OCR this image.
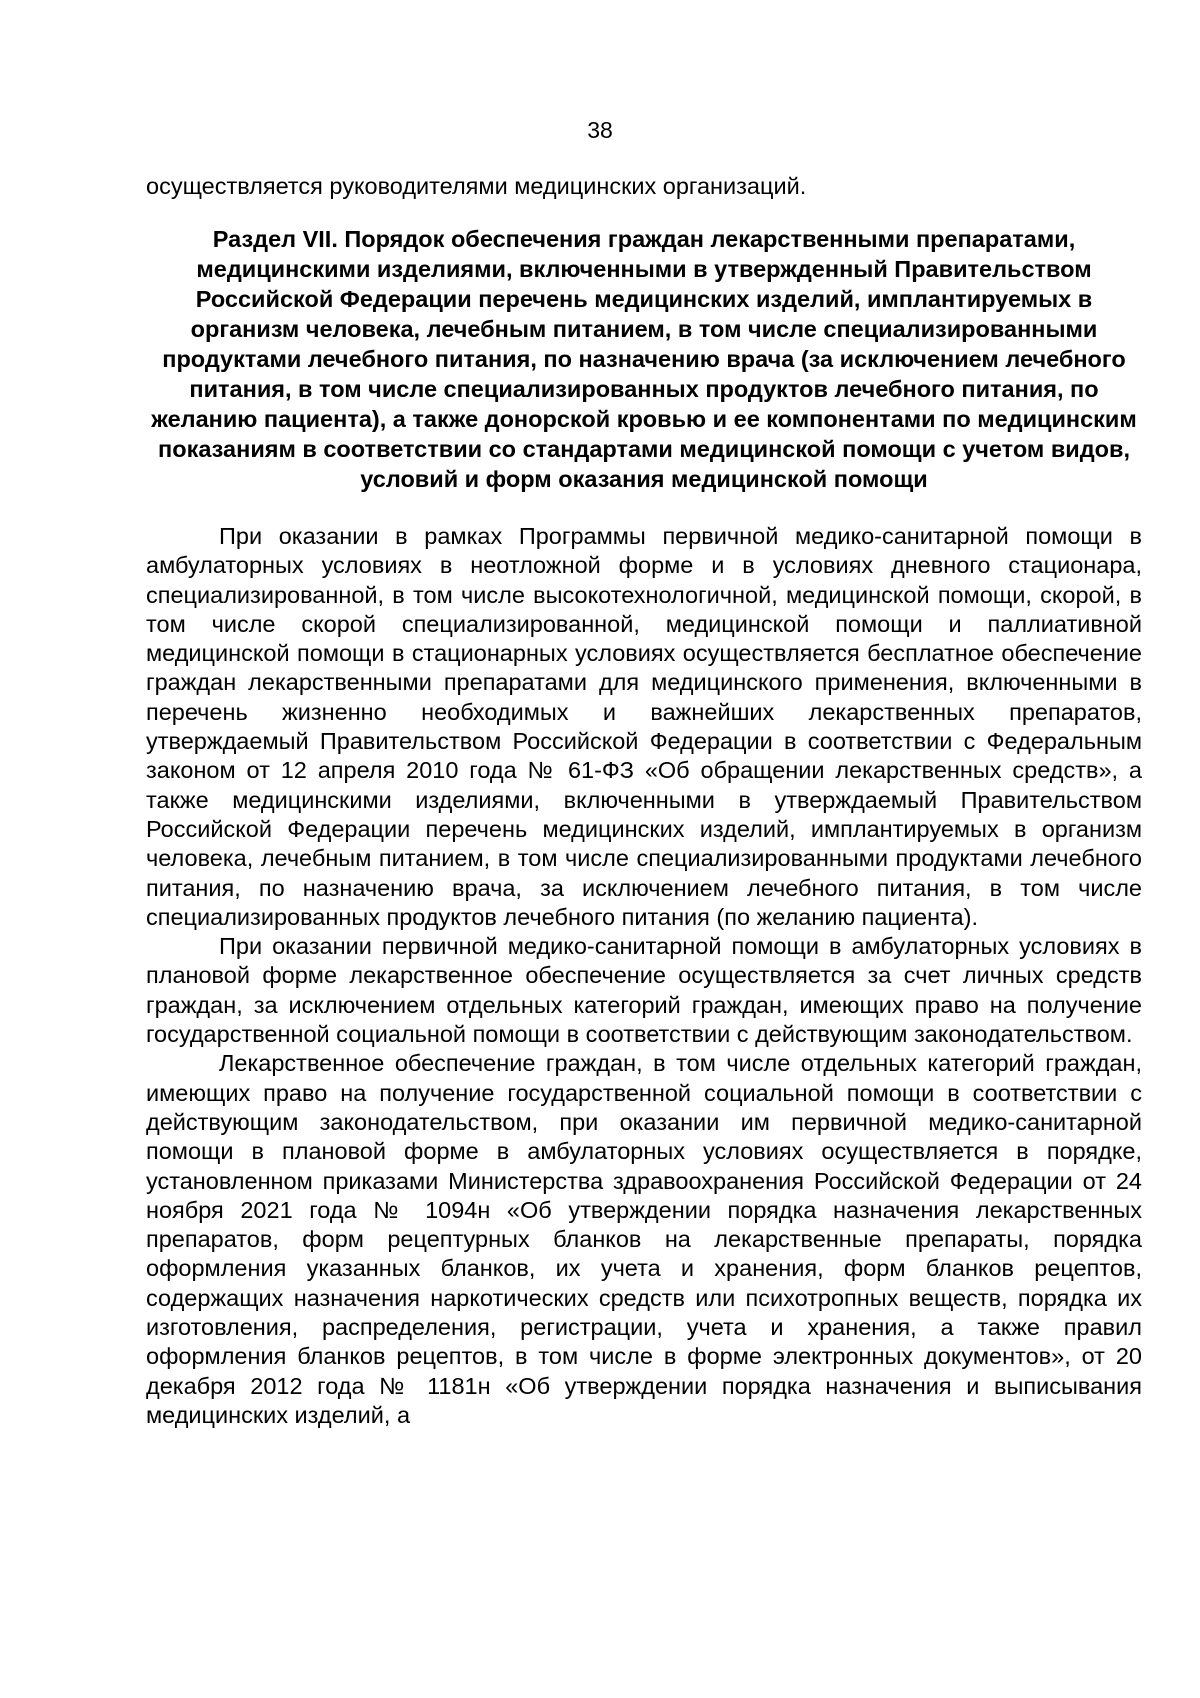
38

осуществляется руководителями медицинских организаций.

Раздел VII. Порядок обеспечения граждан лекарственными препаратами, медицинскими изделиями, включенными в утвержденный Правительством Российской Федерации перечень медицинских изделий, имплантируемых в организм человека, лечебным питанием, в том числе специализированными продуктами лечебного питания, по назначению врача (за исключением лечебного питания, в том числе специализированных продуктов лечебного питания, по желанию пациента), а также донорской кровью и ее компонентами по медицинским показаниям в соответствии со стандартами медицинской помощи с учетом видов, условий и форм оказания медицинской помощи

При оказании в рамках Программы первичной медико-санитарной помощи в амбулаторных условиях в неотложной форме и в условиях дневного стационара, специализированной, в том числе высокотехнологичной, медицинской помощи, скорой, в том числе скорой специализированной, медицинской помощи и паллиативной медицинской помощи в стационарных условиях осуществляется бесплатное обеспечение граждан лекарственными препаратами для медицинского применения, включенными в перечень жизненно необходимых и важнейших лекарственных препаратов, утверждаемый Правительством Российской Федерации в соответствии с Федеральным законом от 12 апреля 2010 года № 61-ФЗ «Об обращении лекарственных средств», а также медицинскими изделиями, включенными в утверждаемый Правительством Российской Федерации перечень медицинских изделий, имплантируемых в организм человека, лечебным питанием, в том числе специализированными продуктами лечебного питания, по назначению врача, за исключением лечебного питания, в том числе специализированных продуктов лечебного питания (по желанию пациента).

При оказании первичной медико-санитарной помощи в амбулаторных условиях в плановой форме лекарственное обеспечение осуществляется за счет личных средств граждан, за исключением отдельных категорий граждан, имеющих право на получение государственной социальной помощи в соответствии с действующим законодательством.

Лекарственное обеспечение граждан, в том числе отдельных категорий граждан, имеющих право на получение государственной социальной помощи в соответствии с действующим законодательством, при оказании им первичной медико-санитарной помощи в плановой форме в амбулаторных условиях осуществляется в порядке, установленном приказами Министерства здравоохранения Российской Федерации от 24 ноября 2021 года № 1094н «Об утверждении порядка назначения лекарственных препаратов, форм рецептурных бланков на лекарственные препараты, порядка оформления указанных бланков, их учета и хранения, форм бланков рецептов, содержащих назначения наркотических средств или психотропных веществ, порядка их изготовления, распределения, регистрации, учета и хранения, а также правил оформления бланков рецептов, в том числе в форме электронных документов», от 20 декабря 2012 года № 1181н «Об утверждении порядка назначения и выписывания медицинских изделий, а
